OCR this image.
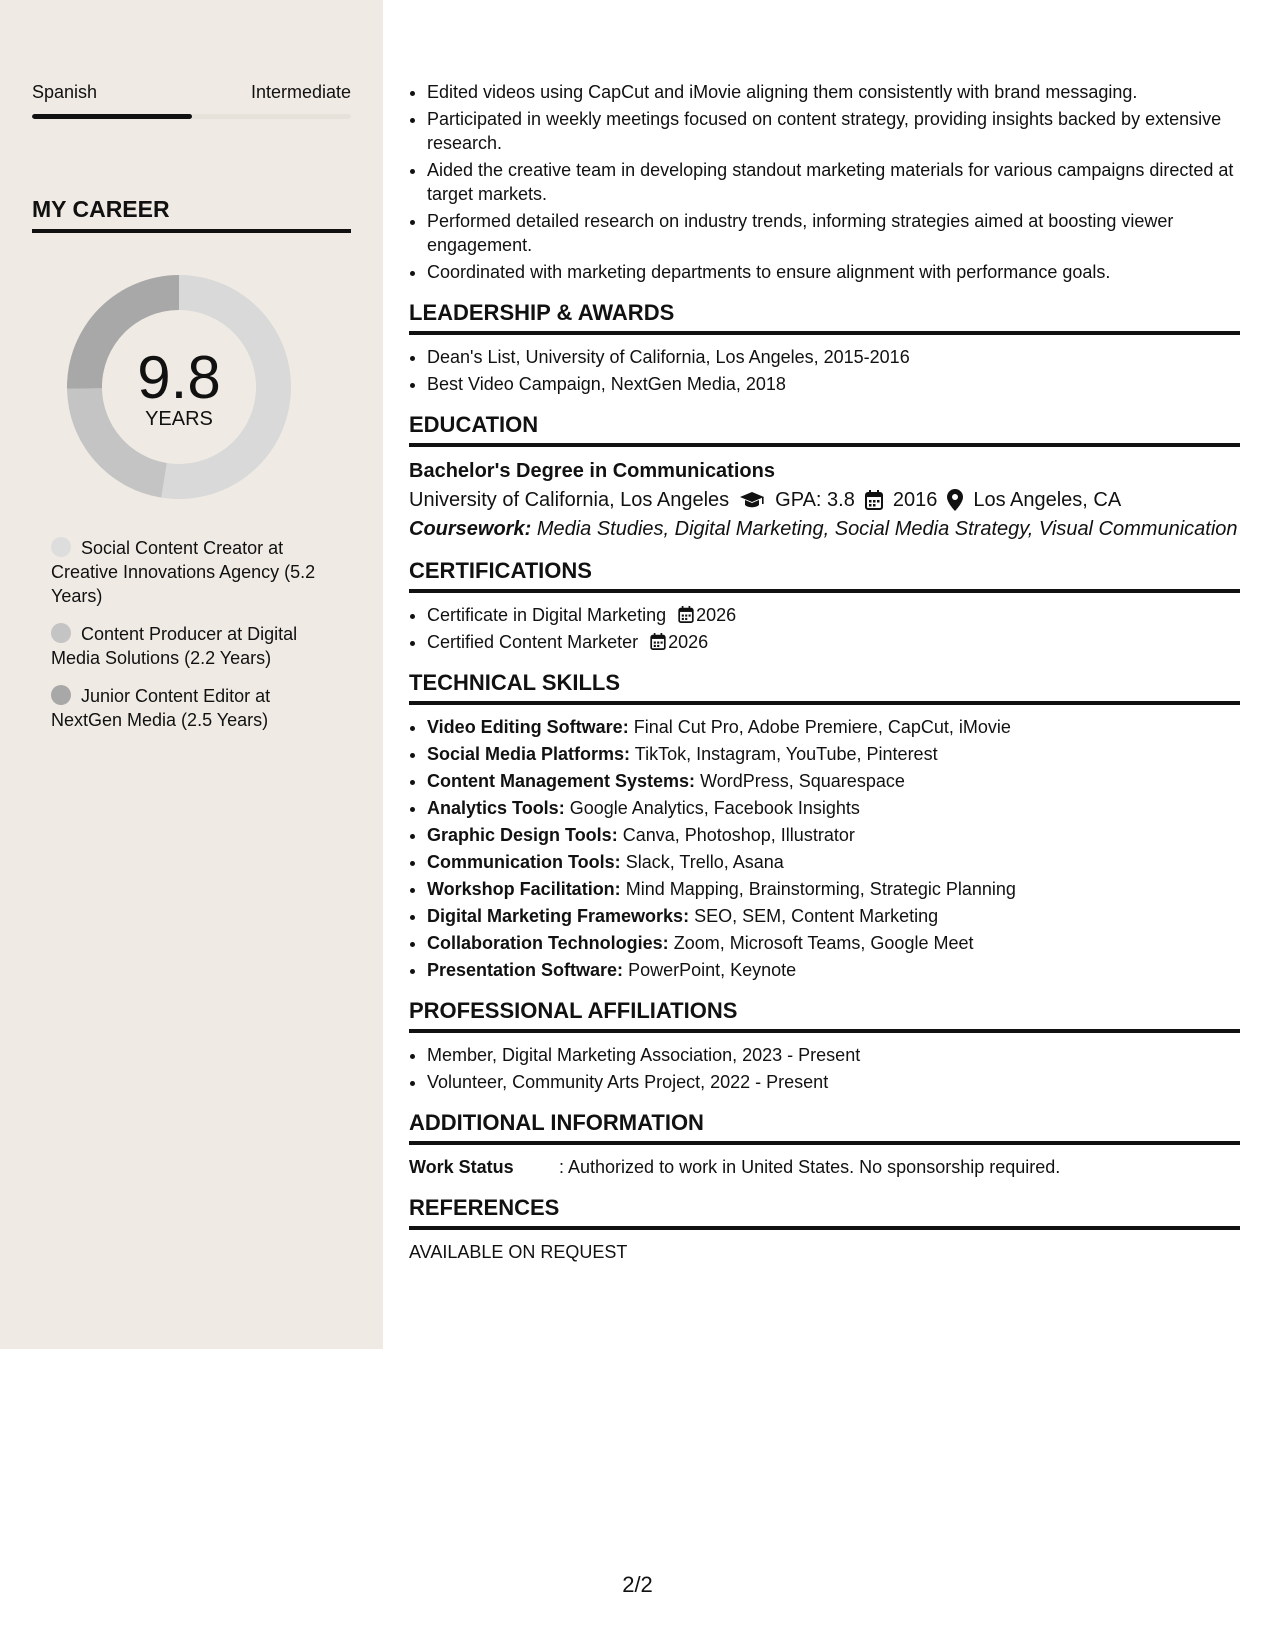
Spanish	Intermediate
MY CAREER
9.8
YEARS
Social Content Creator at Creative Innovations Agency (5.2 Years)
Content Producer at Digital Media Solutions (2.2 Years)
Junior Content Editor at NextGen Media (2.5 Years)
• Edited videos using CapCut and iMovie aligning them consistently with brand messaging.
• Participated in weekly meetings focused on content strategy, providing insights backed by extensive research.
• Aided the creative team in developing standout marketing materials for various campaigns directed at target markets.
• Performed detailed research on industry trends, informing strategies aimed at boosting viewer engagement.
• Coordinated with marketing departments to ensure alignment with performance goals.
LEADERSHIP & AWARDS
• Dean's List, University of California, Los Angeles, 2015-2016
• Best Video Campaign, NextGen Media, 2018
EDUCATION
Bachelor's Degree in Communications
University of California, Los Angeles GPA: 3.8 2016 Los Angeles, CA
Coursework: Media Studies, Digital Marketing, Social Media Strategy, Visual Communication
CERTIFICATIONS
• Certificate in Digital Marketing 2026
• Certified Content Marketer 2026
TECHNICAL SKILLS
• Video Editing Software: Final Cut Pro, Adobe Premiere, CapCut, iMovie
• Social Media Platforms: TikTok, Instagram, YouTube, Pinterest
• Content Management Systems: WordPress, Squarespace
• Analytics Tools: Google Analytics, Facebook Insights
• Graphic Design Tools: Canva, Photoshop, Illustrator
• Communication Tools: Slack, Trello, Asana
• Workshop Facilitation: Mind Mapping, Brainstorming, Strategic Planning
• Digital Marketing Frameworks: SEO, SEM, Content Marketing
• Collaboration Technologies: Zoom, Microsoft Teams, Google Meet
• Presentation Software: PowerPoint, Keynote
PROFESSIONAL AFFILIATIONS
• Member, Digital Marketing Association, 2023 - Present
• Volunteer, Community Arts Project, 2022 - Present
ADDITIONAL INFORMATION
Work Status	: Authorized to work in United States. No sponsorship required.
REFERENCES
AVAILABLE ON REQUEST
2/2
